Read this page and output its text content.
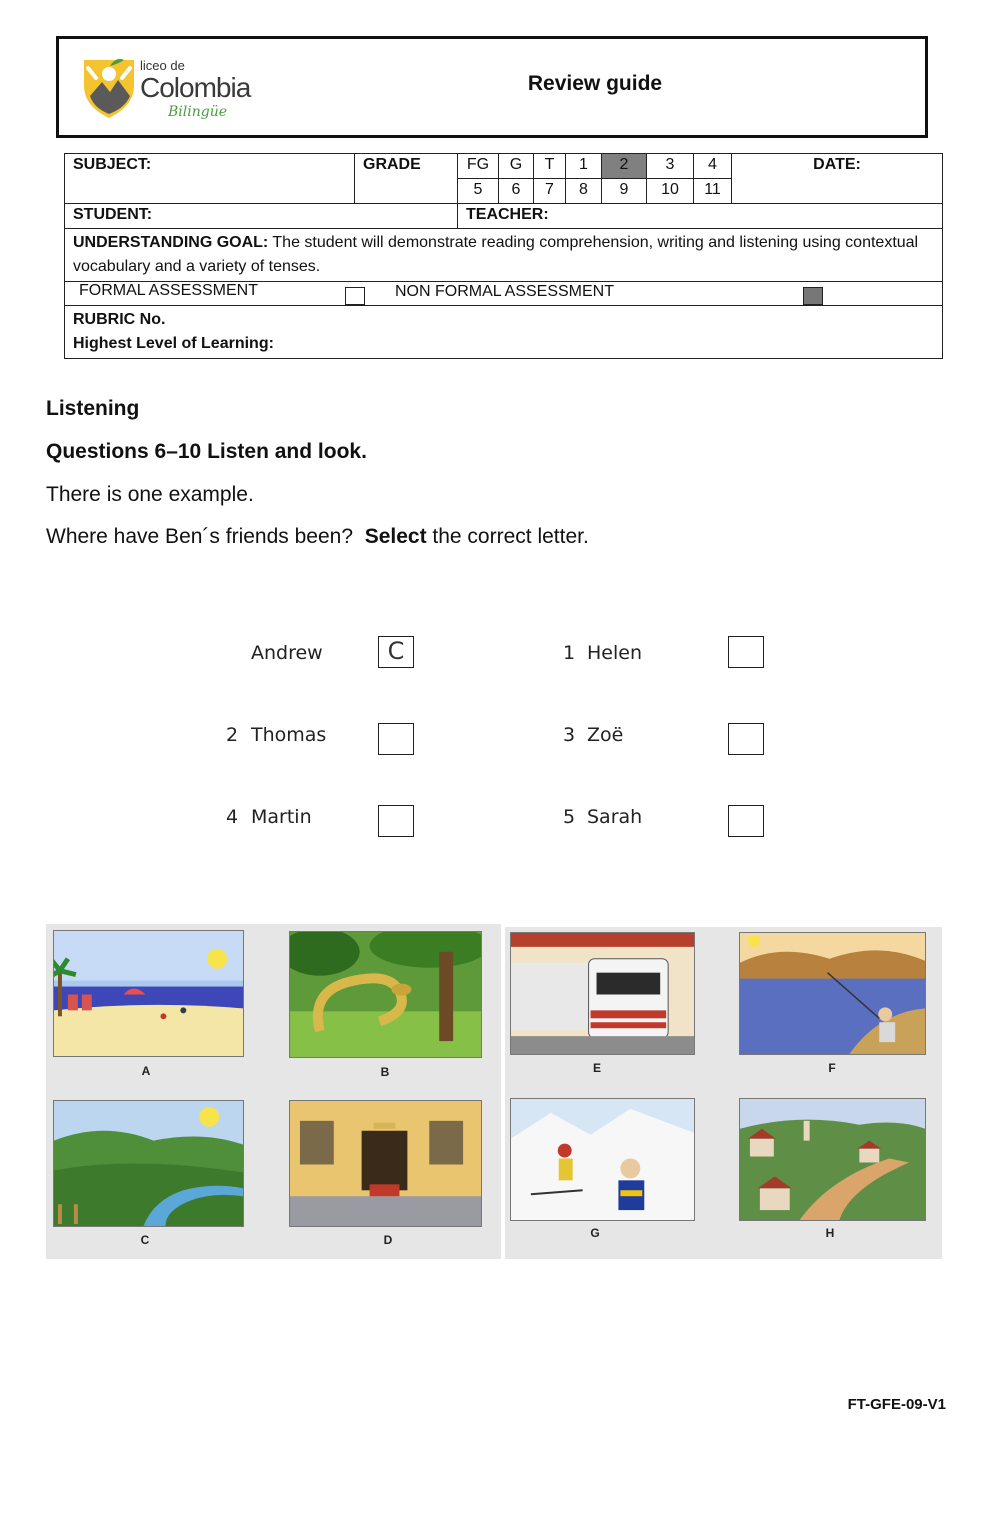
liceo de
Colombia
Bilingüe
Review guide
SUBJECT:	GRADE	FG	G	T	1	2	3	4	DATE:
		5	6	7	8	9	10	11	
STUDENT:		TEACHER:							
UNDERSTANDING GOAL: The student will demonstrate reading comprehension, writing and listening using contextual vocabulary and a variety of tenses.									
FORMAL ASSESSMENT NON FORMAL ASSESSMENT									

RUBRIC No.
Highest Level of Learning:									
Listening
Questions 6–10 Listen and look.
There is one example.
Where have Ben´s friends been? Select the correct letter.
Andrew	C	1 Helen
2 Thomas	3 Zoë
4 Martin	5 Sarah
A	B
C	D
E	F
G	H
FT-GFE-09-V1
